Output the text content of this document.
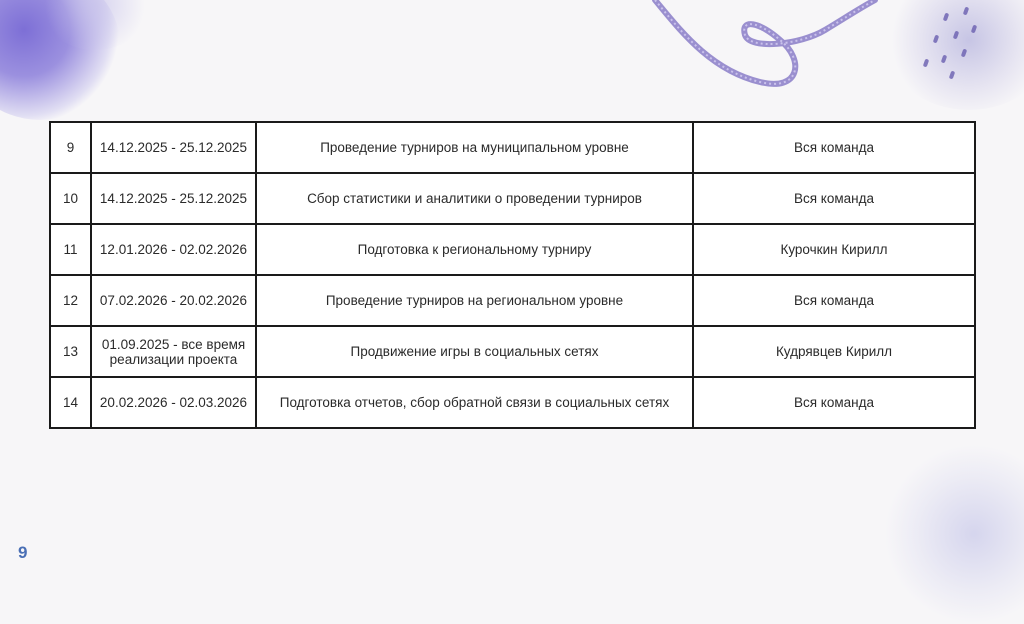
9	14.12.2025 - 25.12.2025	Проведение турниров на муниципальном уровне	Вся команда
10	14.12.2025 - 25.12.2025	Сбор статистики и аналитики о проведении турниров	Вся команда
11	12.01.2026 - 02.02.2026	Подготовка к региональному турниру	Курочкин Кирилл
12	07.02.2026 - 20.02.2026	Проведение турниров на региональном уровне	Вся команда
13	01.09.2025 - все время реализации проекта	Продвижение игры в социальных сетях	Кудрявцев Кирилл
14	20.02.2026 - 02.03.2026	Подготовка отчетов, сбор обратной связи в социальных сетях	Вся команда
9
